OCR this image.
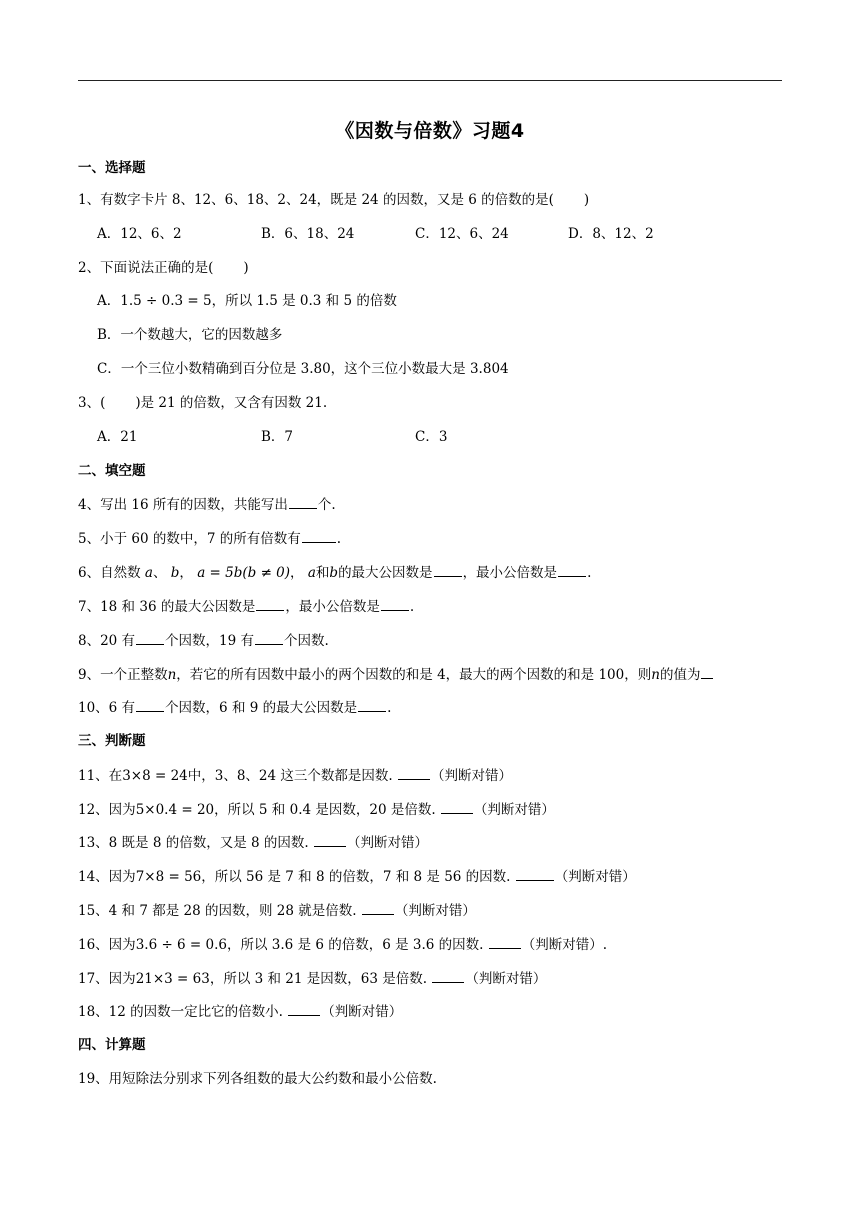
《因数与倍数》习题4
一、选择题
1、有数字卡片 8、12、6、18、2、24，既是 24 的因数，又是 6 的倍数的是( )
A．12、6、2	B．6、18、24	C．12、6、24	D．8、12、2
2、下面说法正确的是( )
A．1.5 ÷ 0.3 = 5，所以 1.5 是 0.3 和 5 的倍数
B．一个数越大，它的因数越多
C．一个三位小数精确到百分位是 3.80，这个三位小数最大是 3.804
3、( )是 21 的倍数，又含有因数 21.
A．21	B．7	C．3
二、填空题
4、写出 16 所有的因数，共能写出 个.
5、小于 60 的数中，7 的所有倍数有	.
6、自然数 a、 b， a = 5b(b ≠ 0)， a和b的最大公因数是 ，最小公倍数是 .
7、18 和 36 的最大公因数是 ，最小公倍数是 .
8、20 有 个因数，19 有 个因数.
9、一个正整数n，若它的所有因数中最小的两个因数的和是 4，最大的两个因数的和是 100，则n的值为
10、6 有 个因数，6 和 9 的最大公因数是 .
三、判断题
11、在3×8 = 24中，3、8、24 这三个数都是因数.	（判断对错）
12、因为5×0.4 = 20，所以 5 和 0.4 是因数，20 是倍数.	（判断对错）
13、8 既是 8 的倍数，又是 8 的因数.	（判断对错）
14、因为7×8 = 56，所以 56 是 7 和 8 的倍数，7 和 8 是 56 的因数.	（判断对错）
15、4 和 7 都是 28 的因数，则 28 就是倍数.	（判断对错）
16、因为3.6 ÷ 6 = 0.6，所以 3.6 是 6 的倍数，6 是 3.6 的因数.	（判断对错）.
17、因为21×3 = 63，所以 3 和 21 是因数，63 是倍数.	（判断对错）
18、12 的因数一定比它的倍数小.	（判断对错）
四、计算题
19、用短除法分别求下列各组数的最大公约数和最小公倍数.
